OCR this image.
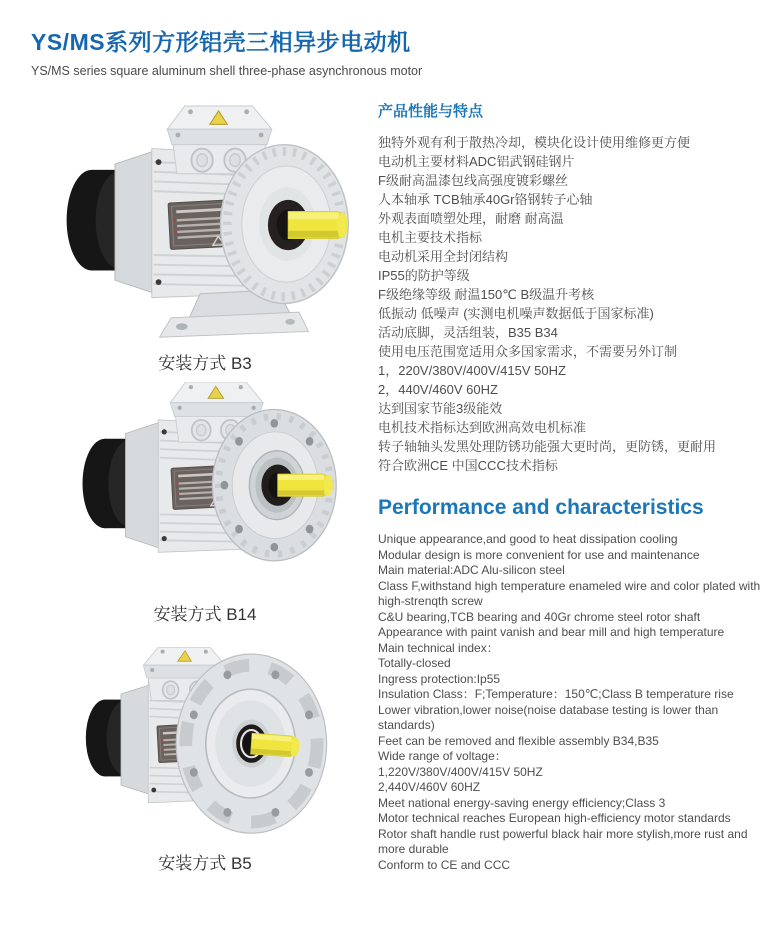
YS/MS系列方形铝壳三相异步电动机

YS/MS series square aluminum shell three-phase asynchronous motor

安装方式 B3
安装方式 B14
安装方式 B5
产品性能与特点
独特外观有利于散热冷却，模块化设计使用维修更方便
电动机主要材料ADC铝武钢硅钢片
F级耐高温漆包线高强度镀彩螺丝
人本轴承 TCB轴承40Gr铬钢转子心轴
外观表面喷塑处理，耐磨 耐高温
电机主要技术指标
电动机采用全封闭结构
IP55的防护等级
F级绝缘等级 耐温150℃ B级温升考核
低振动 低噪声 (实测电机噪声数据低于国家标准)
活动底脚，灵活组装，B35 B34
使用电压范围宽适用众多国家需求，不需要另外订制
1，220V/380V/400V/415V 50HZ
2，440V/460V 60HZ
达到国家节能3级能效
电机技术指标达到欧洲高效电机标准
转子轴轴头发黑处理防锈功能强大更时尚，更防锈，更耐用
符合欧洲CE 中国CCC技术指标
Performance and characteristics
Unique appearance,and good to heat dissipation cooling
Modular design is more convenient for use and maintenance
Main material:ADC Alu-silicon steel
Class F,withstand high temperature enameled wire and color plated with high-strenqth screw
C&U bearing,TCB bearing and 40Gr chrome steel rotor shaft
Appearance with paint vanish and bear mill and high temperature
Main technical index：
Totally-closed
Ingress protection:Ip55
Insulation Class：F;Temperature：150℃;Class B temperature rise
Lower vibration,lower noise(noise database testing is lower than standards)
Feet can be removed and flexible assembly B34,B35
Wide range of voltage：
1,220V/380V/400V/415V 50HZ
2,440V/460V 60HZ
Meet national energy-saving energy efficiency;Class 3
Motor technical reaches European high-efficiency motor standards
Rotor shaft handle rust powerful black hair more stylish,more rust and more durable
Conform to CE and CCC
